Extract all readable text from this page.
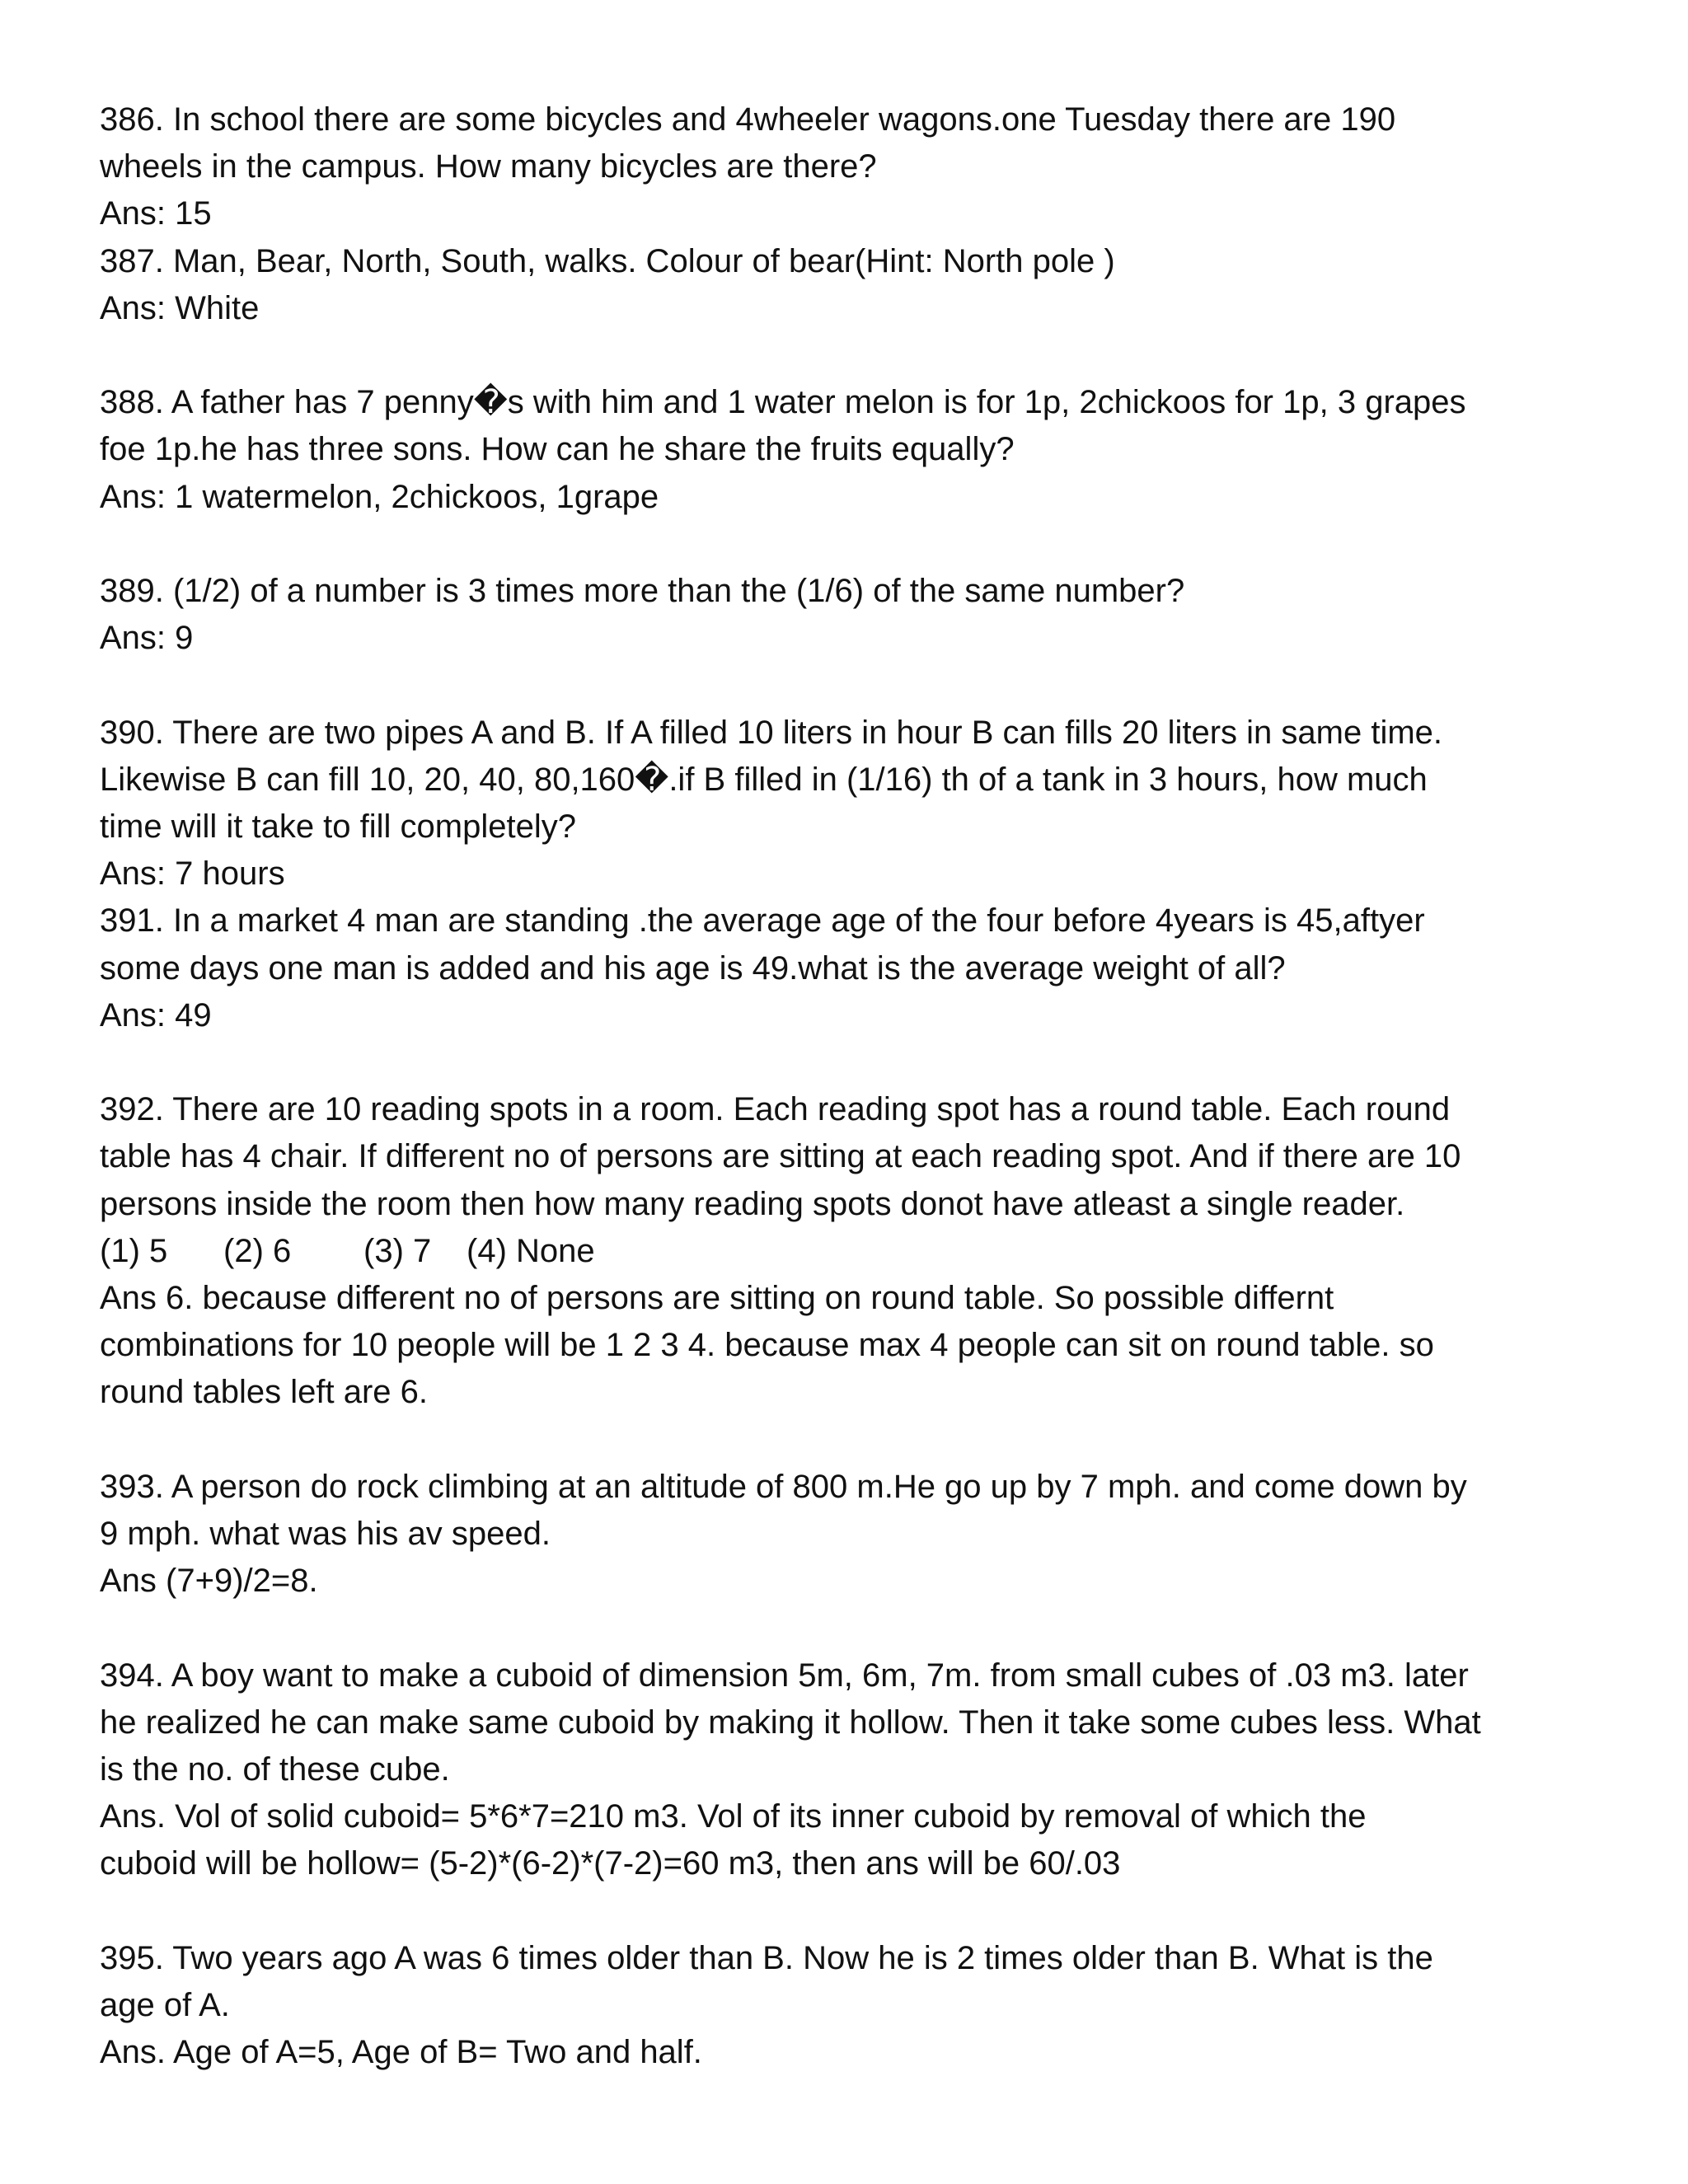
386. In school there are some bicycles and 4wheeler wagons.one Tuesday there are 190
wheels in the campus. How many bicycles are there?
Ans: 15
387. Man, Bear, North, South, walks. Colour of bear(Hint: North pole )
Ans: White
388. A father has 7 penny�s with him and 1 water melon is for 1p, 2chickoos for 1p, 3 grapes
foe 1p.he has three sons. How can he share the fruits equally?
Ans: 1 watermelon, 2chickoos, 1grape
389. (1/2) of a number is 3 times more than the (1/6) of the same number?
Ans: 9
390. There are two pipes A and B. If A filled 10 liters in hour B can fills 20 liters in same time.
Likewise B can fill 10, 20, 40, 80,160�.if B filled in (1/16) th of a tank in 3 hours, how much
time will it take to fill completely?
Ans: 7 hours
391. In a market 4 man are standing .the average age of the four before 4years is 45,aftyer
some days one man is added and his age is 49.what is the average weight of all?
Ans: 49
392. There are 10 reading spots in a room. Each reading spot has a round table. Each round
table has 4 chair. If different no of persons are sitting at each reading spot. And if there are 10
persons inside the room then how many reading spots donot have atleast a single reader.
(1) 5 (2) 6 (3) 7 (4) None
Ans 6. because different no of persons are sitting on round table. So possible differnt
combinations for 10 people will be 1 2 3 4. because max 4 people can sit on round table. so
round tables left are 6.
393. A person do rock climbing at an altitude of 800 m.He go up by 7 mph. and come down by
9 mph. what was his av speed.
Ans (7+9)/2=8.
394. A boy want to make a cuboid of dimension 5m, 6m, 7m. from small cubes of .03 m3. later
he realized he can make same cuboid by making it hollow. Then it take some cubes less. What
is the no. of these cube.
Ans. Vol of solid cuboid= 5*6*7=210 m3. Vol of its inner cuboid by removal of which the
cuboid will be hollow= (5-2)*(6-2)*(7-2)=60 m3, then ans will be 60/.03
395. Two years ago A was 6 times older than B. Now he is 2 times older than B. What is the
age of A.
Ans. Age of A=5, Age of B= Two and half.
